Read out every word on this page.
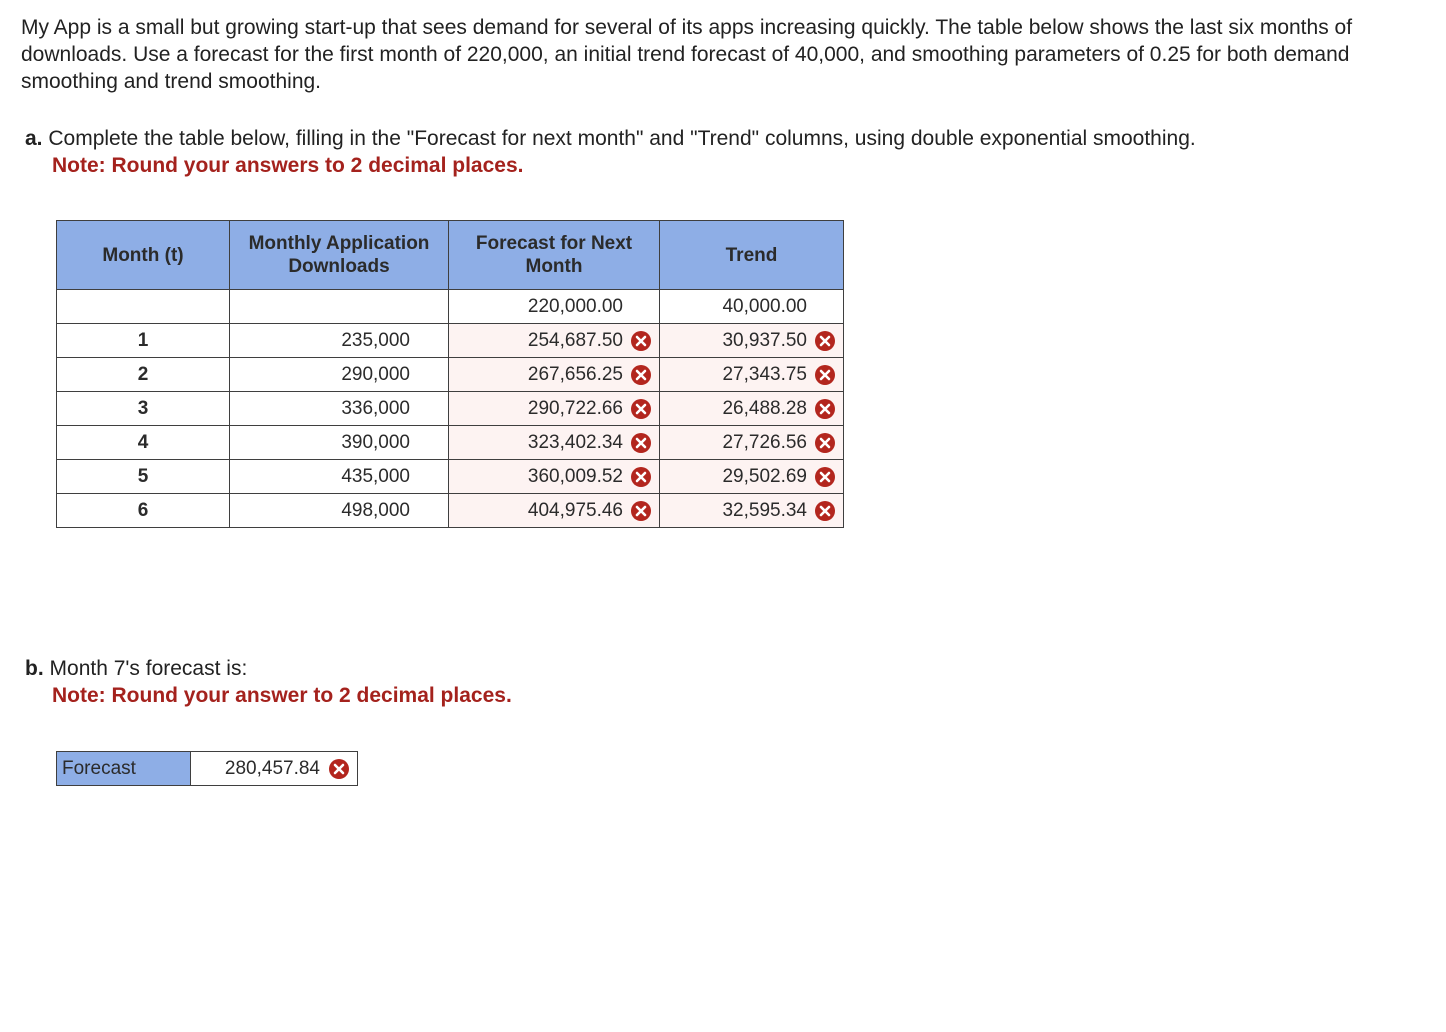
My App is a small but growing start-up that sees demand for several of its apps increasing quickly. The table below shows the last six months of downloads. Use a forecast for the first month of 220,000, an initial trend forecast of 40,000, and smoothing parameters of 0.25 for both demand smoothing and trend smoothing.
a. Complete the table below, filling in the "Forecast for next month" and "Trend" columns, using double exponential smoothing.
Note: Round your answers to 2 decimal places.
Month (t)	Monthly Application Downloads	Forecast for Next Month	Trend
		220,000.00	40,000.00
1	235,000	254,687.50	30,937.50

2	290,000	267,656.25	27,343.75

3	336,000	290,722.66	26,488.28

4	390,000	323,402.34	27,726.56

5	435,000	360,009.52	29,502.69

6	498,000	404,975.46	32,595.34
b. Month 7's forecast is:
Note: Round your answer to 2 decimal places.
Forecast	280,457.84
